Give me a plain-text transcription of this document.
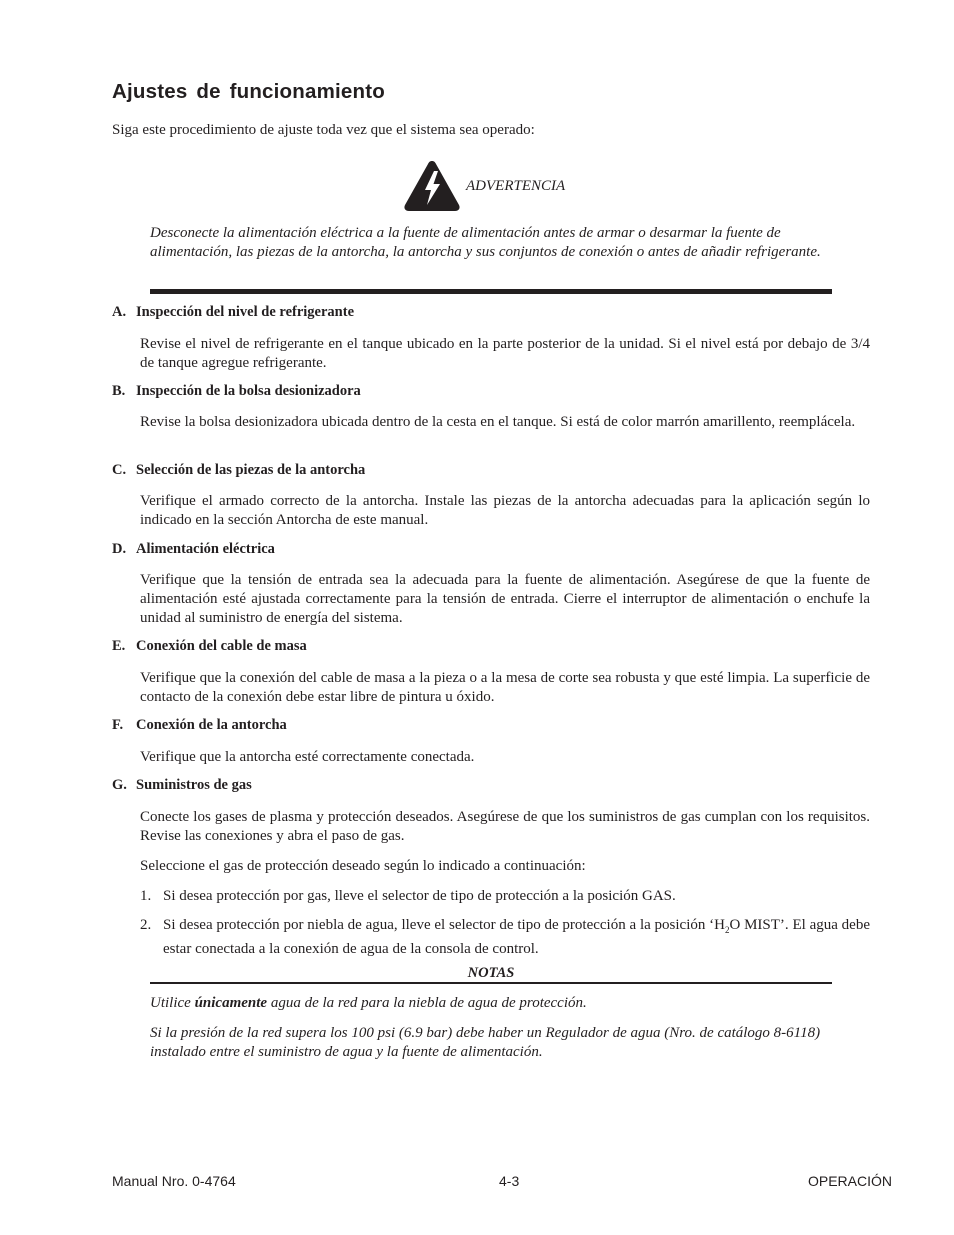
Ajustes de funcionamiento

Siga este procedimiento de ajuste toda vez que el sistema sea operado:

ADVERTENCIA

Desconecte la alimentación eléctrica a la fuente de alimentación antes de armar o desarmar la fuente de alimentación, las piezas de la antorcha, la antorcha y sus conjuntos de conexión o antes de añadir refrigerante.

A. Inspección del nivel de refrigerante

Revise el nivel de refrigerante en el tanque ubicado en la parte posterior de la unidad. Si el nivel está por debajo de 3/4 de tanque agregue refrigerante.

B. Inspección de la bolsa desionizadora

Revise la bolsa desionizadora ubicada dentro de la cesta en el tanque. Si está de color marrón amarillento, reemplácela.

C. Selección de las piezas de la antorcha

Verifique el armado correcto de la antorcha. Instale las piezas de la antorcha adecuadas para la aplicación según lo indicado en la sección Antorcha de este manual.

D. Alimentación eléctrica

Verifique que la tensión de entrada sea la adecuada para la fuente de alimentación. Asegúrese de que la fuente de alimentación esté ajustada correctamente para la tensión de entrada. Cierre el interruptor de alimentación o enchufe la unidad al suministro de energía del sistema.

E. Conexión del cable de masa

Verifique que la conexión del cable de masa a la pieza o a la mesa de corte sea robusta y que esté limpia. La superficie de contacto de la conexión debe estar libre de pintura u óxido.

F. Conexión de la antorcha

Verifique que la antorcha esté correctamente conectada.

G. Suministros de gas

Conecte los gases de plasma y protección deseados. Asegúrese de que los suministros de gas cumplan con los requisitos. Revise las conexiones y abra el paso de gas.

Seleccione el gas de protección deseado según lo indicado a continuación:

1. Si desea protección por gas, lleve el selector de tipo de protección a la posición GAS.
2. Si desea protección por niebla de agua, lleve el selector de tipo de protección a la posición ‘$H_2O$ MIST’. El agua debe estar conectada a la conexión de agua de la consola de control.
NOTAS

Utilice únicamente agua de la red para la niebla de agua de protección.

Si la presión de la red supera los 100 psi (6.9 bar) debe haber un Regulador de agua (Nro. de catálogo 8-6118) instalado entre el suministro de agua y la fuente de alimentación.

Manual Nro. 0-4764	4-3	OPERACIÓN
